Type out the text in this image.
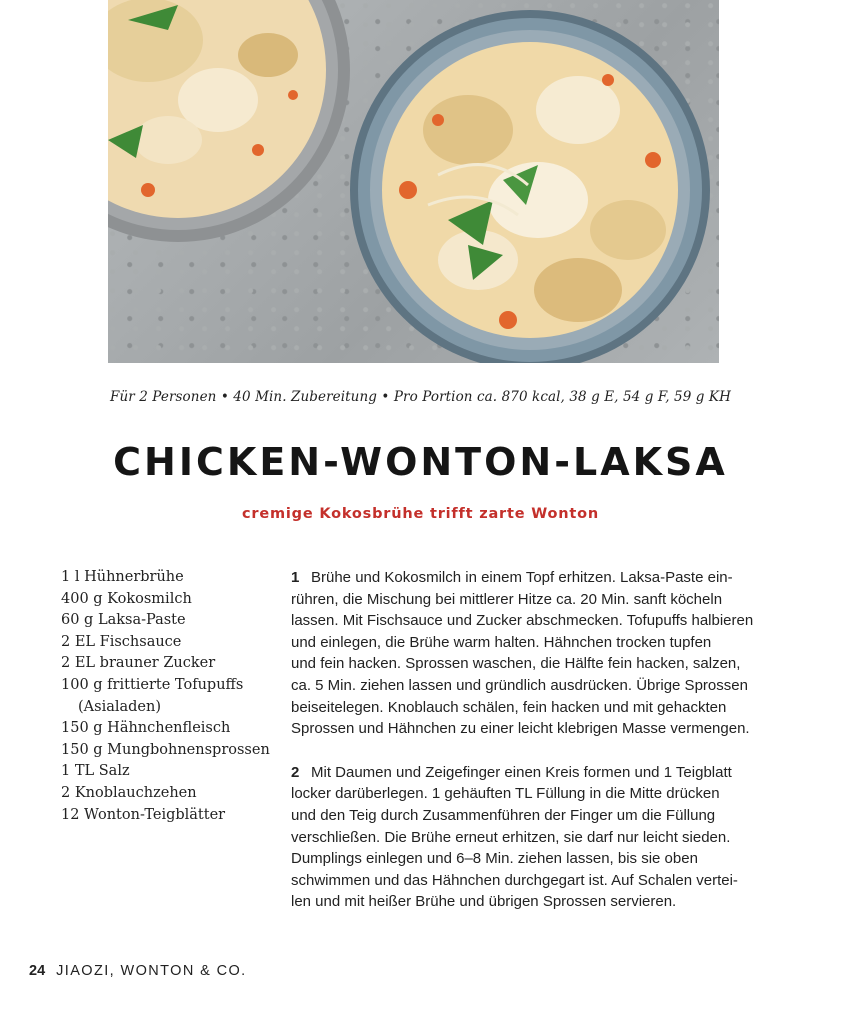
Für 2 Personen • 40 Min. Zubereitung • Pro Portion ca. 870 kcal, 38 g E, 54 g F, 59 g KH
CHICKEN-WONTON-LAKSA
cremige Kokosbrühe trifft zarte Wonton
1 l Hühnerbrühe
400 g Kokosmilch
60 g Laksa-Paste
2 EL Fischsauce
2 EL brauner Zucker
100 g frittierte Tofupuffs
(Asialaden)
150 g Hähnchenfleisch
150 g Mungbohnensprossen
1 TL Salz
2 Knoblauchzehen
12 Wonton-Teigblätter

1 Brühe und Kokosmilch in einem Topf erhitzen. Laksa-Paste ein-

rühren, die Mischung bei mittlerer Hitze ca. 20 Min. sanft köcheln

lassen. Mit Fischsauce und Zucker abschmecken. Tofupuffs halbieren

und einlegen, die Brühe warm halten. Hähnchen trocken tupfen

und fein hacken. Sprossen waschen, die Hälfte fein hacken, salzen,

ca. 5 Min. ziehen lassen und gründlich ausdrücken. Übrige Sprossen

beiseitelegen. Knoblauch schälen, fein hacken und mit gehackten

Sprossen und Hähnchen zu einer leicht klebrigen Masse vermengen.

2 Mit Daumen und Zeigefinger einen Kreis formen und 1 Teigblatt

locker darüberlegen. 1 gehäuften TL Füllung in die Mitte drücken

und den Teig durch Zusammenführen der Finger um die Füllung

verschließen. Die Brühe erneut erhitzen, sie darf nur leicht sieden.

Dumplings einlegen und 6–8 Min. ziehen lassen, bis sie oben

schwimmen und das Hähnchen durchgegart ist. Auf Schalen vertei-

len und mit heißer Brühe und übrigen Sprossen servieren.

24 JIAOZI, WONTON & CO.
